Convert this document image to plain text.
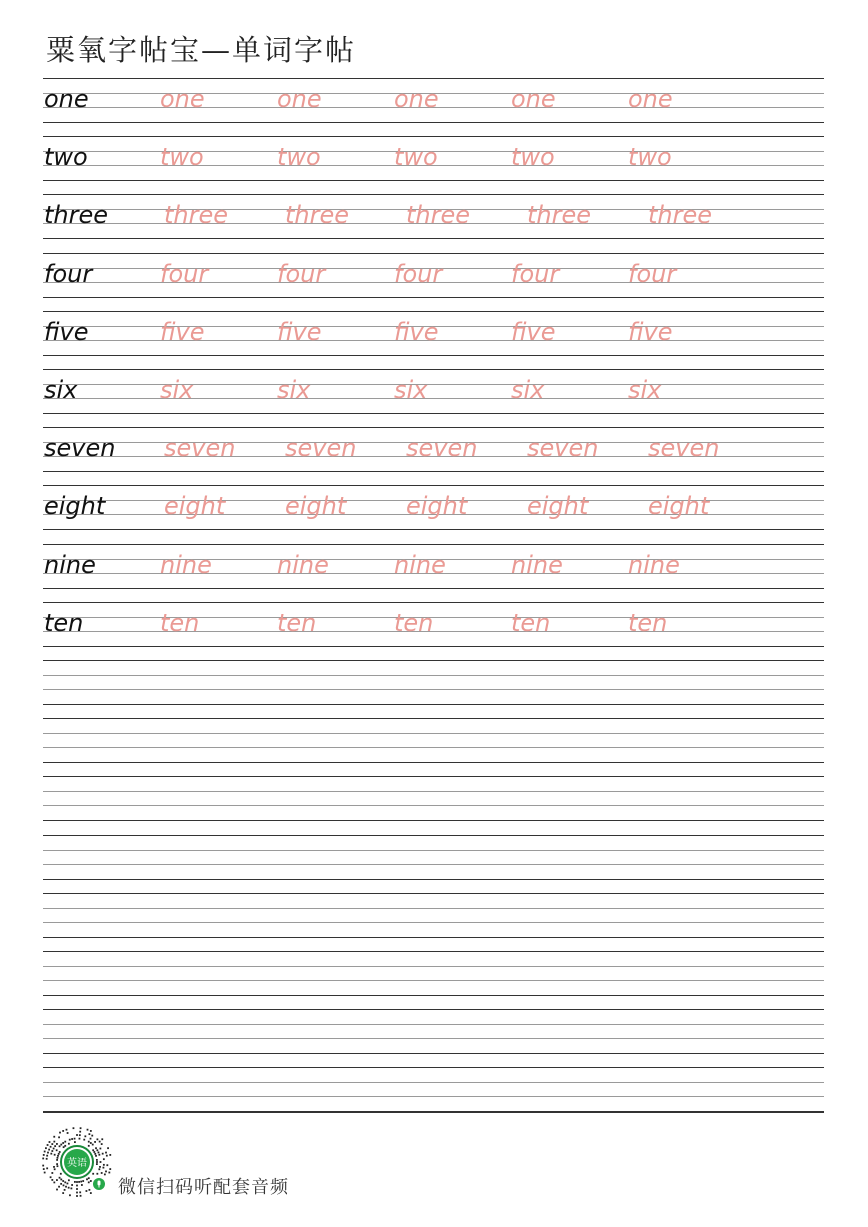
粟氧字帖宝—单词字帖
one	one	one	one	one	one
two	two	two	two	two	two
three three three three three three
four	four	four	four	four	four
five	five	five	five	five	five
six	six	six	six	six	six
seven seven seven seven seven seven
eight eight eight eight eight eight
nine	nine	nine	nine	nine	nine
ten	ten	ten	ten	ten	ten
英语
微信扫码听配套音频
